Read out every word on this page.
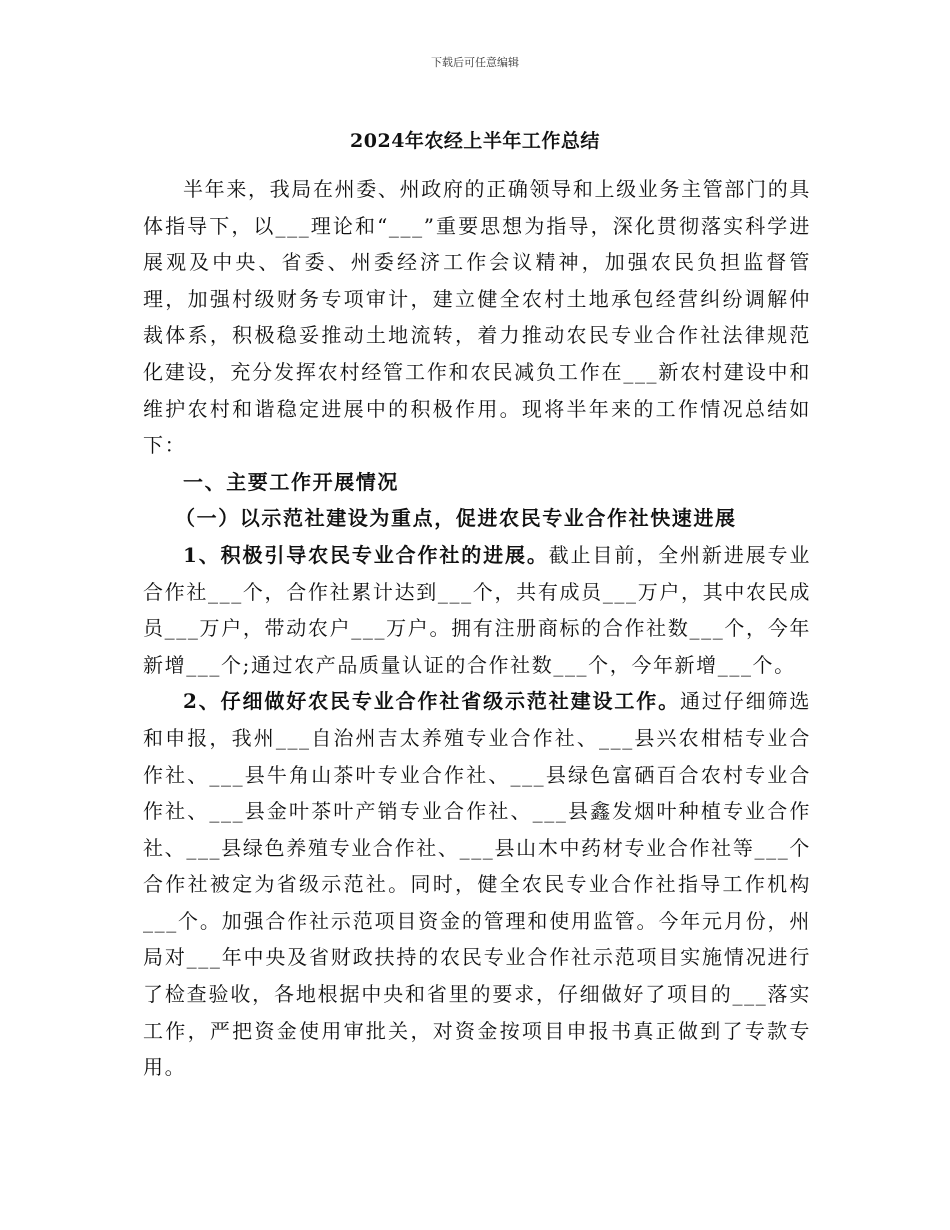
下载后可任意编辑
2024年农经上半年工作总结

半年来，我局在州委、州政府的正确领导和上级业务主管部门的具体指导下，以___理论和“___”重要思想为指导，深化贯彻落实科学进展观及中央、省委、州委经济工作会议精神，加强农民负担监督管理，加强村级财务专项审计，建立健全农村土地承包经营纠纷调解仲裁体系，积极稳妥推动土地流转，着力推动农民专业合作社法律规范化建设，充分发挥农村经管工作和农民减负工作在___新农村建设中和维护农村和谐稳定进展中的积极作用。现将半年来的工作情况总结如下：

一、主要工作开展情况

（一）以示范社建设为重点，促进农民专业合作社快速进展

1、积极引导农民专业合作社的进展。截止目前，全州新进展专业合作社___个，合作社累计达到___个，共有成员___万户，其中农民成员___万户，带动农户___万户。拥有注册商标的合作社数___个，今年新增___个;通过农产品质量认证的合作社数___个，今年新增___个。

2、仔细做好农民专业合作社省级示范社建设工作。通过仔细筛选和申报，我州___自治州吉太养殖专业合作社、___县兴农柑桔专业合作社、___县牛角山茶叶专业合作社、___县绿色富硒百合农村专业合作社、___县金叶茶叶产销专业合作社、___县鑫发烟叶种植专业合作社、___县绿色养殖专业合作社、___县山木中药材专业合作社等___个合作社被定为省级示范社。同时，健全农民专业合作社指导工作机构___个。加强合作社示范项目资金的管理和使用监管。今年元月份，州局对___年中央及省财政扶持的农民专业合作社示范项目实施情况进行了检查验收，各地根据中央和省里的要求，仔细做好了项目的___落实工作，严把资金使用审批关，对资金按项目申报书真正做到了专款专用。
